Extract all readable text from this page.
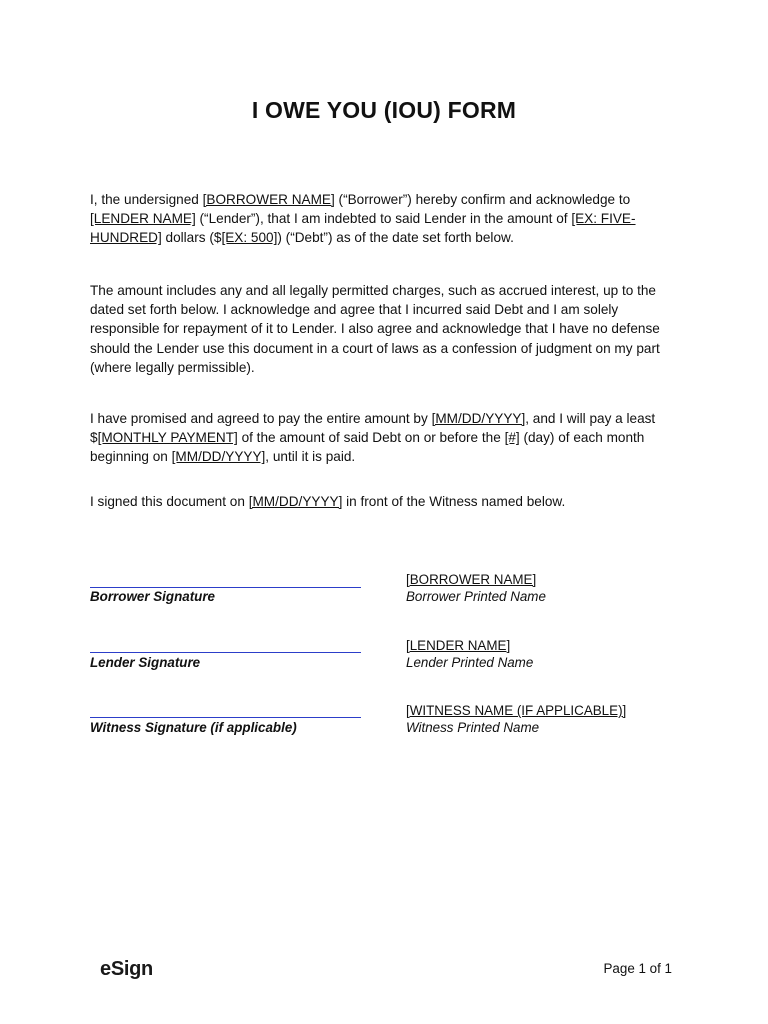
I OWE YOU (IOU) FORM

I, the undersigned [BORROWER NAME] (“Borrower”) hereby confirm and acknowledge to [LENDER NAME] (“Lender”), that I am indebted to said Lender in the amount of [EX: FIVE-HUNDRED] dollars ($[EX: 500]) (“Debt”) as of the date set forth below.

The amount includes any and all legally permitted charges, such as accrued interest, up to the dated set forth below. I acknowledge and agree that I incurred said Debt and I am solely responsible for repayment of it to Lender. I also agree and acknowledge that I have no defense should the Lender use this document in a court of laws as a confession of judgment on my part (where legally permissible).

I have promised and agreed to pay the entire amount by [MM/DD/YYYY], and I will pay a least $[MONTHLY PAYMENT] of the amount of said Debt on or before the [#] (day) of each month beginning on [MM/DD/YYYY], until it is paid.

I signed this document on [MM/DD/YYYY] in front of the Witness named below.

[BORROWER NAME]
Borrower Signature	Borrower Printed Name
[LENDER NAME]
Lender Signature	Lender Printed Name
[WITNESS NAME (IF APPLICABLE)]
Witness Signature (if applicable)	Witness Printed Name
eSign	Page 1 of 1
